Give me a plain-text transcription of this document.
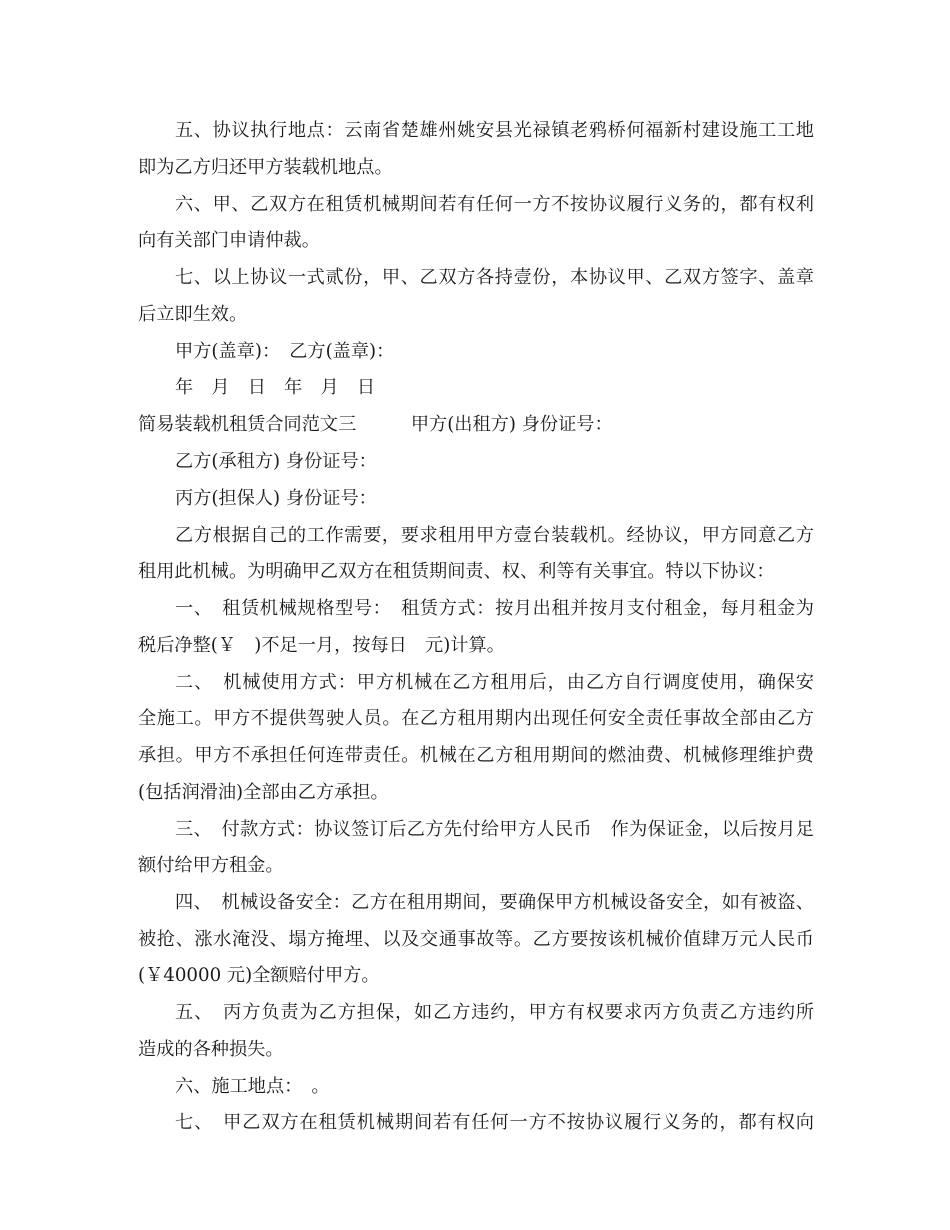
五、协议执行地点：云南省楚雄州姚安县光禄镇老鸦桥何福新村建设施工工地
即为乙方归还甲方装载机地点。
六、甲、乙双方在租赁机械期间若有任何一方不按协议履行义务的，都有权利
向有关部门申请仲裁。
七、以上协议一式贰份，甲、乙双方各持壹份，本协议甲、乙双方签字、盖章
后立即生效。
甲方(盖章)：　乙方(盖章)：
年　月　日　年　月　日
简易装载机租赁合同范文三　　　甲方(出租方) 身份证号：
乙方(承租方) 身份证号：
丙方(担保人) 身份证号：
乙方根据自己的工作需要，要求租用甲方壹台装载机。经协议，甲方同意乙方
租用此机械。为明确甲乙双方在租赁期间责、权、利等有关事宜。特以下协议：
一、　租赁机械规格型号：　租赁方式：按月出租并按月支付租金，每月租金为
税后净整(￥　)不足一月，按每日　元)计算。
二、　机械使用方式：甲方机械在乙方租用后，由乙方自行调度使用，确保安
全施工。甲方不提供驾驶人员。在乙方租用期内出现任何安全责任事故全部由乙方
承担。甲方不承担任何连带责任。机械在乙方租用期间的燃油费、机械修理维护费
(包括润滑油)全部由乙方承担。
三、　付款方式：协议签订后乙方先付给甲方人民币　作为保证金，以后按月足
额付给甲方租金。
四、　机械设备安全：乙方在租用期间，要确保甲方机械设备安全，如有被盗、
被抢、涨水淹没、塌方掩埋、以及交通事故等。乙方要按该机械价值肆万元人民币
(￥40000 元)全额赔付甲方。
五、　丙方负责为乙方担保，如乙方违约，甲方有权要求丙方负责乙方违约所
造成的各种损失。
六、施工地点：　。
七、　甲乙双方在租赁机械期间若有任何一方不按协议履行义务的，都有权向
